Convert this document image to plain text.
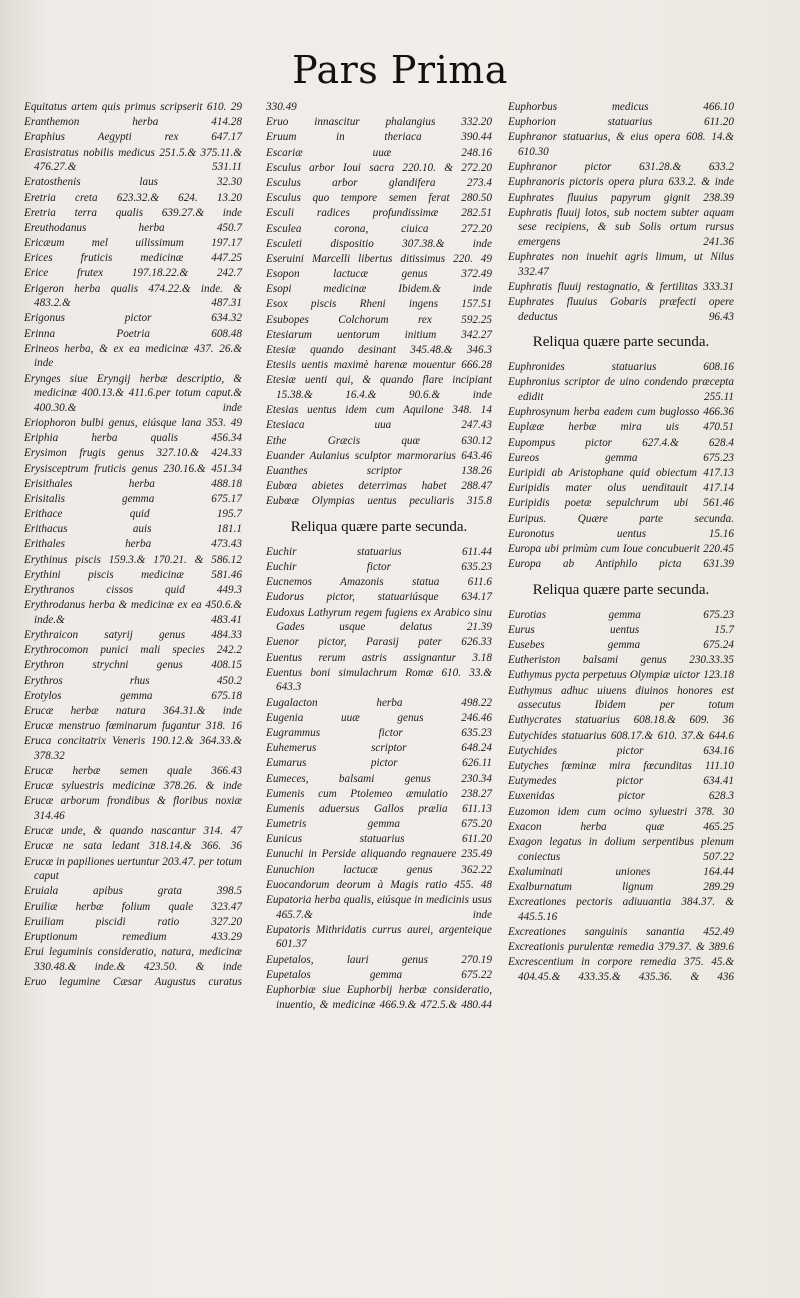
Pars Prima
Equitatus artem quis primus scripserit 610. 29
Eranthemon herba 414.28
Eraphius Aegypti rex 647.17
Erasistratus nobilis medicus 251.5.& 375.11.& 476.27.& 531.11
Eratosthenis laus 32.30
Eretria creta 623.32.& 624. 13.20
Eretria terra qualis 639.27.& inde
Ereuthodanus herba 450.7
Ericæum mel uilissimum 197.17
Erices fruticis medicinæ 447.25
Erice frutex 197.18.22.& 242.7
Erigeron herba qualis 474.22.& inde. & 483.2.& 487.31
Erigonus pictor 634.32
Erinna Poetria 608.48
Erineos herba, & ex ea medicinæ 437. 26.& inde
Erynges siue Eryngij herbæ descriptio, & medicinæ 400.13.& 411.6.per totum caput.& 400.30.& inde
Eriophoron bulbi genus, eiúsque lana 353. 49
Eriphia herba qualis 456.34
Erysimon frugis genus 327.10.& 424.33
Erysisceptrum fruticis genus 230.16.& 451.34
Erisithales herba 488.18
Erisitalis gemma 675.17
Erithace quid 195.7
Erithacus auis 181.1
Erithales herba 473.43
Erythinus piscis 159.3.& 170.21. & 586.12
Erythini piscis medicinæ 581.46
Erythranos cissos quid 449.3
Erythrodanus herba & medicinæ ex ea 450.6.& inde.& 483.41
Erythraicon satyrij genus 484.33
Erythrocomon punici mali species 242.2
Erythron strychni genus 408.15
Erythros rhus 450.2
Erotylos gemma 675.18
Erucæ herbæ natura 364.31.& inde
Erucæ menstruo fœminarum fugantur 318. 16
Eruca concitatrix Veneris 190.12.& 364.33.& 378.32
Erucæ herbæ semen quale 366.43
Erucæ syluestris medicinæ 378.26. & inde
Erucæ arborum frondibus & floribus noxiæ 314.46
Erucæ unde, & quando nascantur 314. 47
Erucæ ne sata ledant 318.14.& 366. 36
Erucæ in papiliones uertuntur 203.47. per totum caput
Eruiala apibus grata 398.5
Eruiliæ herbæ folium quale 323.47
Eruiliam piscidi ratio 327.20
Eruptionum remedium 433.29
Erui leguminis consideratio, natura, medicinæ 330.48.& inde.& 423.50. & inde
Eruo legumine Cæsar Augustus curatus
330.49
Eruo innascitur phalangius 332.20
Eruum in theriaca 390.44
Escariæ uuæ 248.16
Esculus arbor Ioui sacra 220.10. & 272.20
Esculus arbor glandifera 273.4
Esculus quo tempore semen ferat 280.50
Esculi radices profundissimæ 282.51
Esculea corona, ciuica 272.20
Esculeti dispositio 307.38.& inde
Eseruini Marcelli libertus ditissimus 220. 49
Esopon lactucæ genus 372.49
Esopi medicinæ Ibidem.& inde
Esox piscis Rheni ingens 157.51
Esubopes Colchorum rex 592.25
Etesiarum uentorum initium 342.27
Etesiæ quando desinant 345.48.& 346.3
Etesiis uentis maximè harenæ mouentur 666.28
Etesiæ uenti qui, & quando flare incipiant 15.38.& 16.4.& 90.6.& inde
Etesias uentus idem cum Aquilone 348. 14
Etesiaca uua 247.43
Ethe Græcis quæ 630.12
Euander Aulanius sculptor marmorarius 643.46
Euanthes scriptor 138.26
Eubœa abietes deterrimas habet 288.47
Eubœæ Olympias uentus peculiaris 315.8
Reliqua quære parte secunda.
Euchir statuarius 611.44
Euchir fictor 635.23
Eucnemos Amazonis statua 611.6
Eudorus pictor, statuariúsque 634.17
Eudoxus Lathyrum regem fugiens ex Arabico sinu Gades usque delatus 21.39
Euenor pictor, Parasij pater 626.33
Euentus rerum astris assignantur 3.18
Euentus boni simulachrum Romæ 610. 33.& 643.3
Eugalacton herba 498.22
Eugenia uuæ genus 246.46
Eugrammus fictor 635.23
Euhemerus scriptor 648.24
Eumarus pictor 626.11
Eumeces, balsami genus 230.34
Eumenis cum Ptolemeo æmulatio 238.27
Eumenis aduersus Gallos prælia 611.13
Eumetris gemma 675.20
Eunicus statuarius 611.20
Eunuchi in Perside aliquando regnauere 235.49
Eunuchion lactucæ genus 362.22
Euocandorum deorum à Magis ratio 455. 48
Eupatoria herba qualis, eiúsque in medicinis usus 465.7.& inde
Eupatoris Mithridatis currus aurei, argenteique 601.37
Eupetalos, lauri genus 270.19
Eupetalos gemma 675.22
Euphorbiæ siue Euphorbij herbæ consideratio, inuentio, & medicinæ 466.9.& 472.5.& 480.44
Euphorbus medicus 466.10
Euphorion statuarius 611.20
Euphranor statuarius, & eius opera 608. 14.& 610.30
Euphranor pictor 631.28.& 633.2
Euphranoris pictoris opera plura 633.2. & inde
Euphrates fluuius papyrum gignit 238.39
Euphratis fluuij lotos, sub noctem subter aquam sese recipiens, & sub Solis ortum rursus emergens 241.36
Euphrates non inuehit agris limum, ut Nilus 332.47
Euphratis fluuij restagnatio, & fertilitas 333.31
Euphrates fluuius Gobaris præfecti opere deductus 96.43
Reliqua quære parte secunda.
Euphronides statuarius 608.16
Euphronius scriptor de uino condendo præcepta edidit 255.11
Euphrosynum herba eadem cum buglosso 466.36
Euplææ herbæ mira uis 470.51
Eupompus pictor 627.4.& 628.4
Eureos gemma 675.23
Euripidi ab Aristophane quid obiectum 417.13
Euripidis mater olus uenditauit 417.14
Euripidis poetæ sepulchrum ubi 561.46
Euripus. Quære parte secunda.
Euronotus uentus 15.16
Europa ubi primùm cum Ioue concubuerit 220.45
Europa ab Antiphilo picta 631.39
Reliqua quære parte secunda.
Eurotias gemma 675.23
Eurus uentus 15.7
Eusebes gemma 675.24
Eutheriston balsami genus 230.33.35
Euthymus pycta perpetuus Olympiæ uictor 123.18
Euthymus adhuc uiuens diuinos honores est assecutus Ibidem per totum
Euthycrates statuarius 608.18.& 609. 36
Eutychides statuarius 608.17.& 610. 37.& 644.6
Eutychides pictor 634.16
Eutyches fœminæ mira fœcunditas 111.10
Eutymedes pictor 634.41
Euxenidas pictor 628.3
Euzomon idem cum ocimo syluestri 378. 30
Exacon herba quæ 465.25
Exagon legatus in dolium serpentibus plenum coniectus 507.22
Exaluminati uniones 164.44
Exalburnatum lignum 289.29
Excreationes pectoris adiuuantia 384.37. & 445.5.16
Excreationes sanguinis sanantia 452.49
Excreationis purulentæ remedia 379.37. & 389.6
Excrescentium in corpore remedia 375. 45.& 404.45.& 433.35.& 435.36. & 436
